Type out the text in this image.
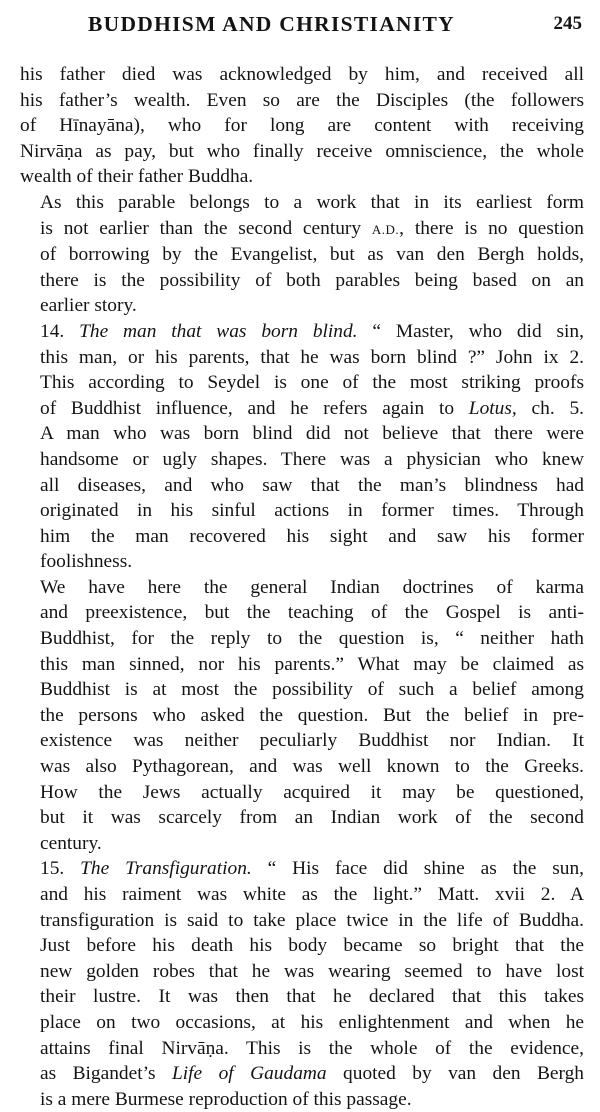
BUDDHISM AND CHRISTIANITY	245

his father died was acknowledged by him, and received all
his father’s wealth. Even so are the Disciples (the followers
of Hīnayāna), who for long are content with receiving
Nirvāṇa as pay, but who finally receive omniscience, the whole
wealth of their father Buddha.

As this parable belongs to a work that in its earliest form
is not earlier than the second century A.D., there is no question
of borrowing by the Evangelist, but as van den Bergh holds,
there is the possibility of both parables being based on an
earlier story.

14. The man that was born blind. “ Master, who did sin,
this man, or his parents, that he was born blind ?” John ix 2.
This according to Seydel is one of the most striking proofs
of Buddhist influence, and he refers again to Lotus, ch. 5.
A man who was born blind did not believe that there were
handsome or ugly shapes. There was a physician who knew
all diseases, and who saw that the man’s blindness had
originated in his sinful actions in former times. Through
him the man recovered his sight and saw his former
foolishness.

We have here the general Indian doctrines of karma
and preexistence, but the teaching of the Gospel is anti-
Buddhist, for the reply to the question is, “ neither hath
this man sinned, nor his parents.” What may be claimed as
Buddhist is at most the possibility of such a belief among
the persons who asked the question. But the belief in pre-
existence was neither peculiarly Buddhist nor Indian. It
was also Pythagorean, and was well known to the Greeks.
How the Jews actually acquired it may be questioned,
but it was scarcely from an Indian work of the second
century.

15. The Transfiguration. “ His face did shine as the sun,
and his raiment was white as the light.” Matt. xvii 2. A
transfiguration is said to take place twice in the life of Buddha.
Just before his death his body became so bright that the
new golden robes that he was wearing seemed to have lost
their lustre. It was then that he declared that this takes
place on two occasions, at his enlightenment and when he
attains final Nirvāṇa. This is the whole of the evidence,
as Bigandet’s Life of Gaudama quoted by van den Bergh
is a mere Burmese reproduction of this passage.
